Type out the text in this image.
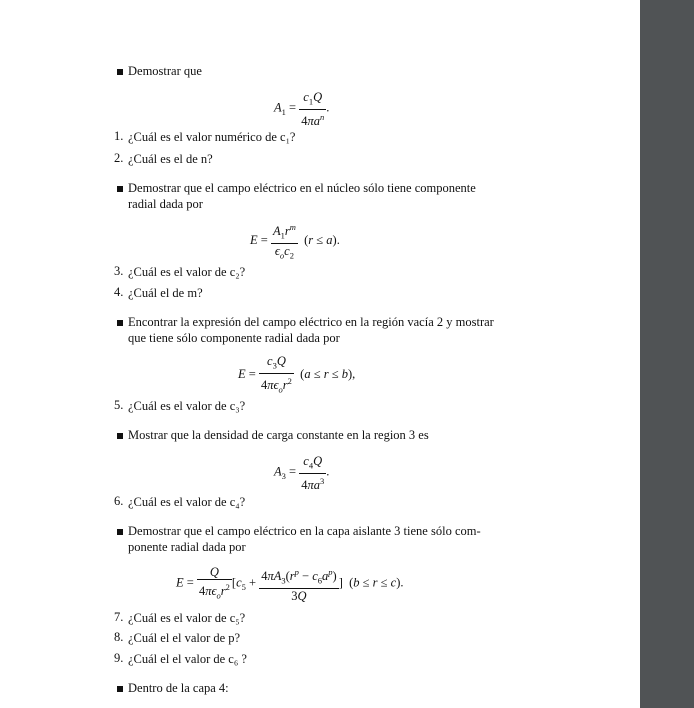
Demostrar que
$A_1 = \frac{c_1Q}{4\pi a^n}$ .
1. ¿Cuál es el valor numérico de c₁?
2. ¿Cuál es el de n?
Demostrar que el campo eléctrico en el núcleo sólo tiene componente
radial dada por
$E = \frac{A_1r^m}{\epsilon_oc_2} (r \le a)$.
3. ¿Cuál es el valor de c₂?
4. ¿Cuál el de m?
Encontrar la expresión del campo eléctrico en la región vacía 2 y mostrar
que tiene sólo componente radial dada por
$E = \frac{c_3Q}{4\pi\epsilon_or^2} (a \le r \le b)$,
5. ¿Cuál es el valor de c₃?
Mostrar que la densidad de carga constante en la region 3 es
$A_3 = \frac{c_4Q}{4\pi a^3}$ .
6. ¿Cuál es el valor de c₄?
Demostrar que el campo eléctrico en la capa aislante 3 tiene sólo com-
ponente radial dada por
$E = \frac{Q}{4\pi\epsilon_or^2} [c_5 + \frac{4\pi A_3(r^p - c_6a^p)}{3Q}$ ]  (b ≤ r ≤ c).
7. ¿Cuál es el valor de c₅?
8. ¿Cuál el el valor de p?
9. ¿Cuál el el valor de c₆ ?
Dentro de la capa 4:
